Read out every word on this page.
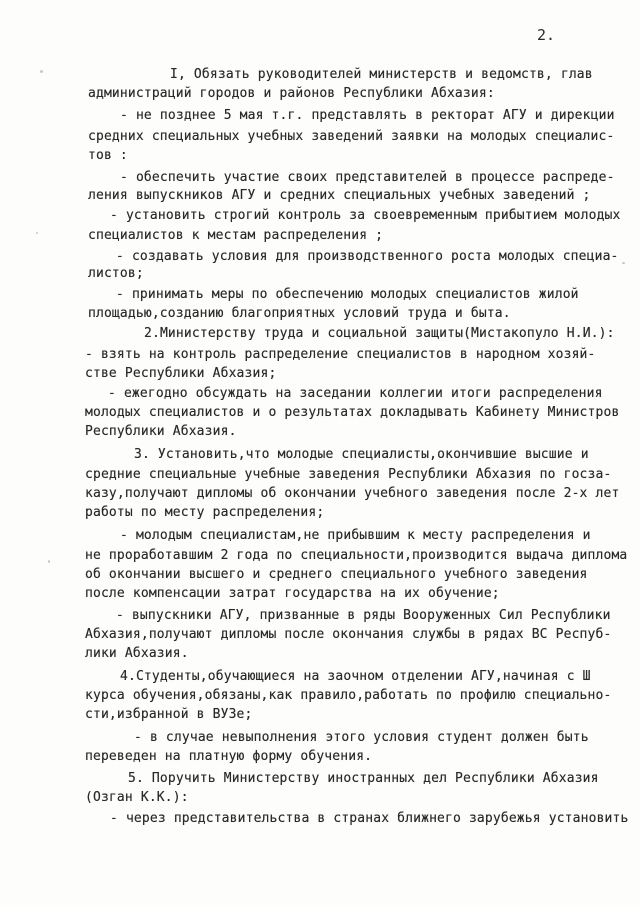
2.
I, Обязать руководителей министерств и ведомств, глав
администраций городов и районов Республики Абхазия:
- не позднее 5 мая т.г. представлять в ректорат АГУ и дирекции
средних специальных учебных заведений заявки на молодых специалис-
тов :
- обеспечить участие своих представителей в процессе распреде-
ления выпускников АГУ и средних специальных учебных заведений ;
- установить строгий контроль за своевременным прибытием молодых
специалистов к местам распределения ;
- создавать условия для производственного роста молодых специа-
листов;
- принимать меры по обеспечению молодых специалистов жилой
площадью,созданию благоприятных условий труда и быта.
2.Министерству труда и социальной защиты(Мистакопуло Н.И.):
- взять на контроль распределение специалистов в народном хозяй-
стве Республики Абхазия;
- ежегодно обсуждать на заседании коллегии итоги распределения
молодых специалистов и о результатах докладывать Кабинету Министров
Республики Абхазия.
3. Установить,что молодые специалисты,окончившие высшие и
средние специальные учебные заведения Республики Абхазия по госза-
казу,получают дипломы об окончании учебного заведения после 2-х лет
работы по месту распределения;
- молодым специалистам,не прибывшим к месту распределения и
не проработавшим 2 года по специальности,производится выдача диплома
об окончании высшего и среднего специального учебного заведения
после компенсации затрат государства на их обучение;
- выпускники АГУ, призванные в ряды Вооруженных Сил Республики
Абхазия,получают дипломы после окончания службы в рядах ВС Респуб-
лики Абхазия.
4.Студенты,обучающиеся на заочном отделении АГУ,начиная с Ш
курса обучения,обязаны,как правило,работать по профилю специально-
сти,избранной в ВУЗе;
- в случае невыполнения этого условия студент должен быть
переведен на платную форму обучения.
5. Поручить Министерству иностранных дел Республики Абхазия
(Озган К.К.):
- через представительства в странах ближнего зарубежья установить
